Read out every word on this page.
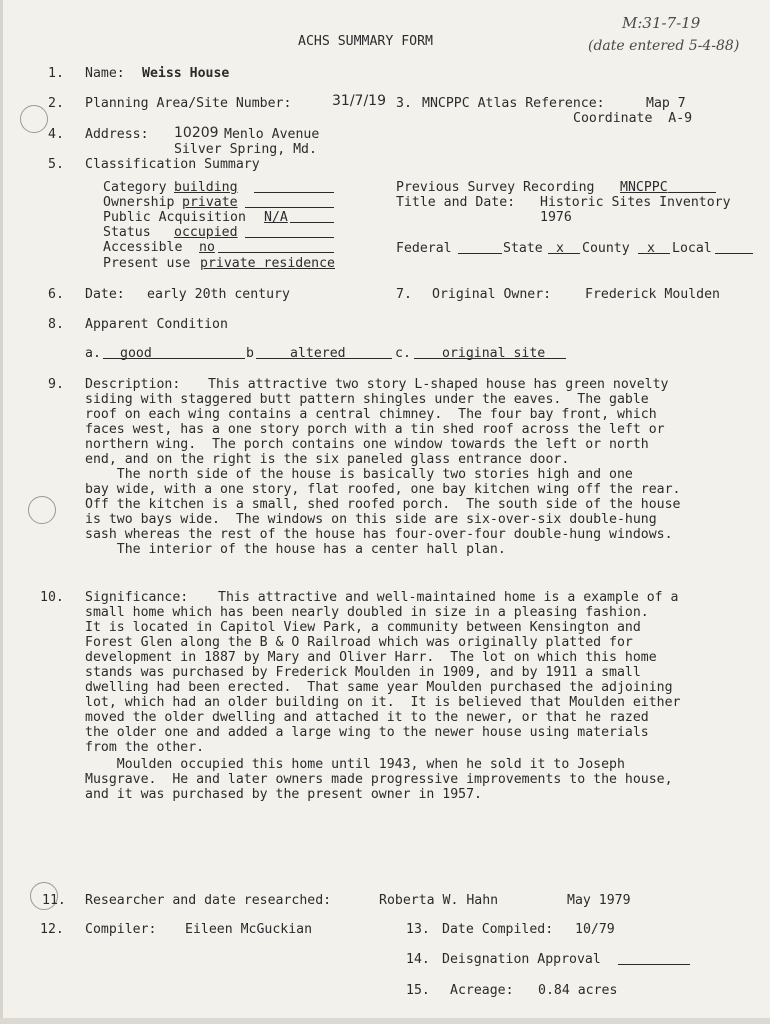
M:31-7-19
(date entered 5-4-88)
ACHS SUMMARY FORM
1. Name: Weiss House
2. Planning Area/Site Number:	31/7/19 3. MNCPPC Atlas Reference:	Map 7
Coordinate  A-9
4. Address: 10209 Menlo Avenue
Silver Spring, Md.
5. Classification Summary
Category building
Ownership private
Public Acquisition N/A
Status occupied
Accessible no
Present use private residence
Previous Survey Recording MNCPPC
Title and Date: Historic Sites Inventory
1976
Federal	State x County x Local
6. Date: early 20th century	7. Original Owner:	Frederick Moulden
8. Apparent Condition
a. good	b	altered	c. original site
9. Description: This attractive two story L-shaped house has green novelty
siding with staggered butt pattern shingles under the eaves.  The gable
roof on each wing contains a central chimney.  The four bay front, which
faces west, has a one story porch with a tin shed roof across the left or
northern wing.  The porch contains one window towards the left or north
end, and on the right is the six paneled glass entrance door.
The north side of the house is basically two stories high and one
bay wide, with a one story, flat roofed, one bay kitchen wing off the rear.
Off the kitchen is a small, shed roofed porch.  The south side of the house
is two bays wide.  The windows on this side are six-over-six double-hung
sash whereas the rest of the house has four-over-four double-hung windows.
The interior of the house has a center hall plan.
10. Significance: This attractive and well-maintained home is a example of a
small home which has been nearly doubled in size in a pleasing fashion.
It is located in Capitol View Park, a community between Kensington and
Forest Glen along the B & O Railroad which was originally platted for
development in 1887 by Mary and Oliver Harr.  The lot on which this home
stands was purchased by Frederick Moulden in 1909, and by 1911 a small
dwelling had been erected.  That same year Moulden purchased the adjoining
lot, which had an older building on it.  It is believed that Moulden either
moved the older dwelling and attached it to the newer, or that he razed
the older one and added a large wing to the newer house using materials
from the other.
Moulden occupied this home until 1943, when he sold it to Joseph
Musgrave.  He and later owners made progressive improvements to the house,
and it was purchased by the present owner in 1957.
11. Researcher and date researched:	Roberta W. Hahn	May 1979
12. Compiler: Eileen McGuckian	13. Date Compiled: 10/79
14. Deisgnation Approval
15. Acreage: 0.84 acres
